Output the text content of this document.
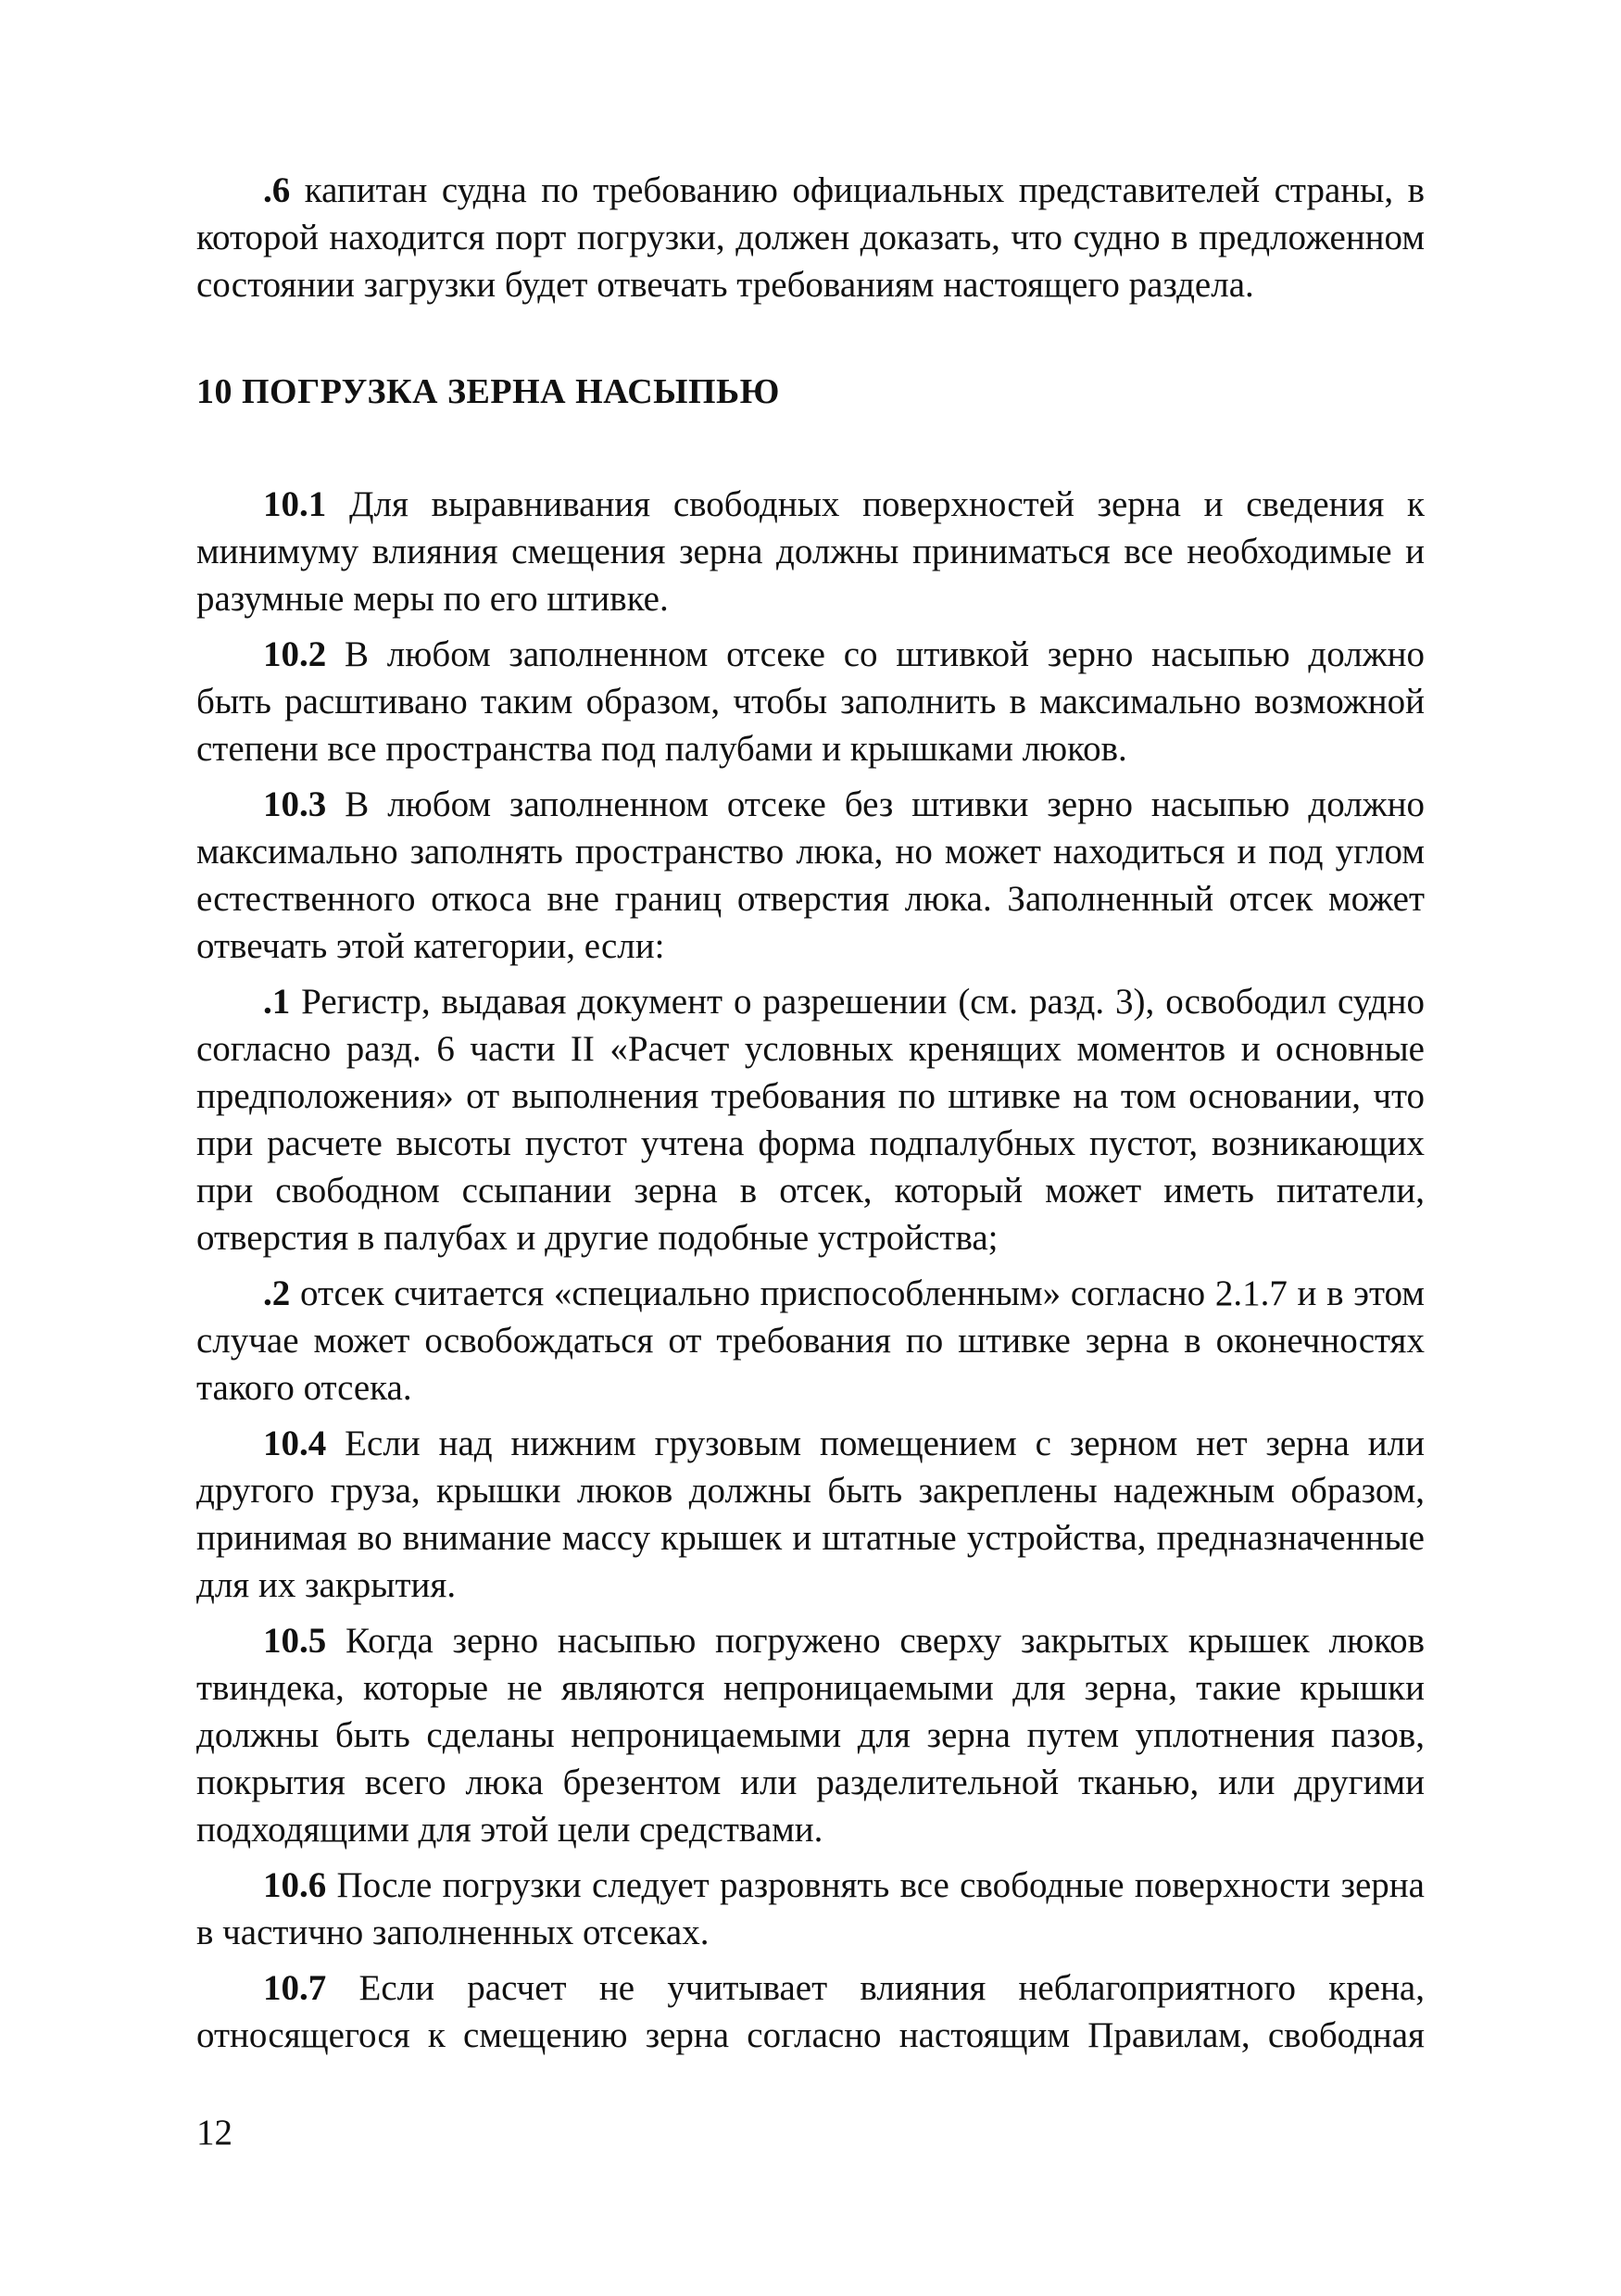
.6 капитан судна по требованию официальных представителей страны, в которой находится порт погрузки, должен доказать, что судно в предложенном состоянии загрузки будет отвечать требованиям настоящего раздела.

10 ПОГРУЗКА ЗЕРНА НАСЫПЬЮ

10.1 Для выравнивания свободных поверхностей зерна и сведения к минимуму влияния смещения зерна должны приниматься все необходимые и разумные меры по его штивке.

10.2 В любом заполненном отсеке со штивкой зерно насыпью должно быть расштивано таким образом, чтобы заполнить в максимально возможной степени все пространства под палубами и крышками люков.

10.3 В любом заполненном отсеке без штивки зерно насыпью должно максимально заполнять пространство люка, но может находиться и под углом естественного откоса вне границ отверстия люка. Заполненный отсек может отвечать этой категории, если:

.1 Регистр, выдавая документ о разрешении (см. разд. 3), освободил судно согласно разд. 6 части II «Расчет условных кренящих моментов и основные предположения» от выполнения требования по штивке на том основании, что при расчете высоты пустот учтена форма подпалубных пустот, возникающих при свободном ссыпании зерна в отсек, который может иметь питатели, отверстия в палубах и другие подобные устройства;

.2 отсек считается «специально приспособленным» согласно 2.1.7 и в этом случае может освобождаться от требования по штивке зерна в оконечностях такого отсека.

10.4 Если над нижним грузовым помещением с зерном нет зерна или другого груза, крышки люков должны быть закреплены надежным образом, принимая во внимание массу крышек и штатные устройства, предназначенные для их закрытия.

10.5 Когда зерно насыпью погружено сверху закрытых крышек люков твиндека, которые не являются непроницаемыми для зерна, такие крышки должны быть сделаны непроницаемыми для зерна путем уплотнения пазов, покрытия всего люка брезентом или разделительной тканью, или другими подходящими для этой цели средствами.

10.6 После погрузки следует разровнять все свободные поверхности зерна в частично заполненных отсеках.

10.7 Если расчет не учитывает влияния неблагоприятного крена, относящегося к смещению зерна согласно настоящим Правилам, свободная

12
